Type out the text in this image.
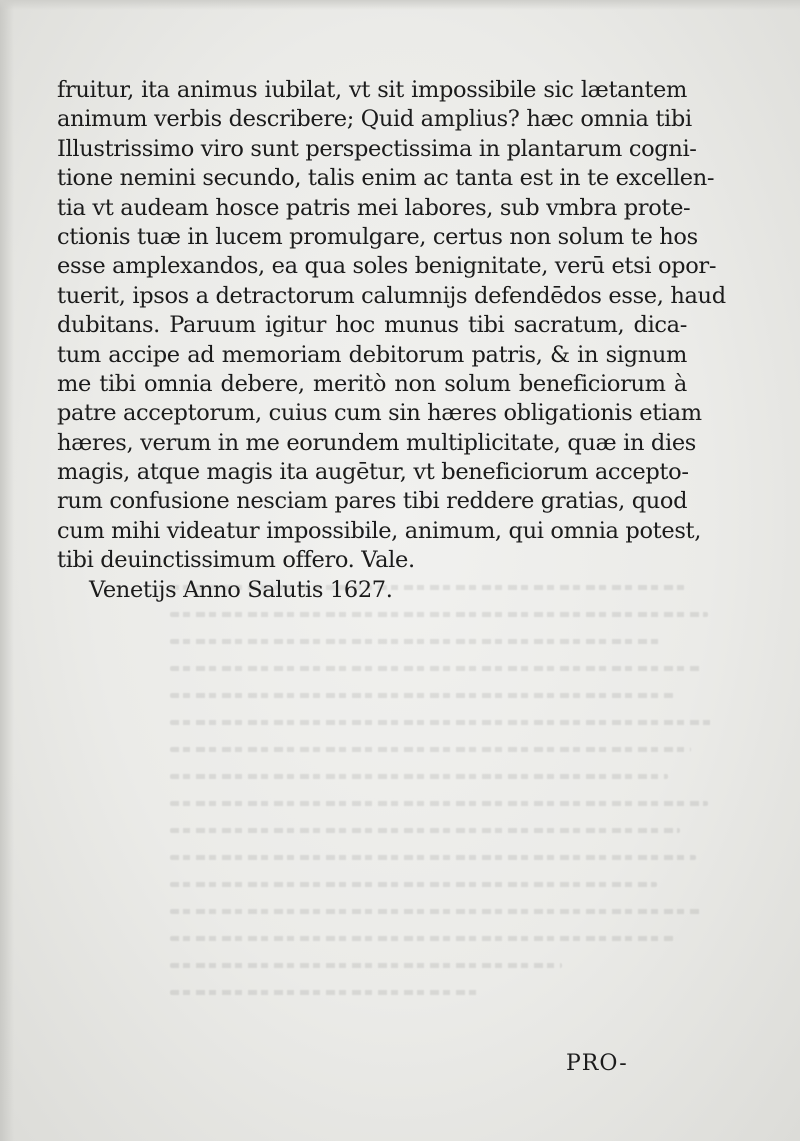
fruitur, ita animus iubilat, vt sit impossibile sic lætantem
animum verbis describere; Quid amplius? hæc omnia tibi
Illustrissimo viro sunt perspectissima in plantarum cogni-
tione nemini secundo, talis enim ac tanta est in te excellen-
tia vt audeam hosce patris mei labores, sub vmbra prote-
ctionis tuæ in lucem promulgare, certus non solum te hos
esse amplexandos, ea qua soles benignitate, verū etsi opor-
tuerit, ipsos a detractorum calumnijs defendēdos esse, haud
dubitans. Paruum igitur hoc munus tibi sacratum, dica-
tum accipe ad memoriam debitorum patris, & in signum
me tibi omnia debere, meritò non solum beneficiorum à
patre acceptorum, cuius cum sin hæres obligationis etiam
hæres, verum in me eorundem multiplicitate, quæ in dies
magis, atque magis ita augētur, vt beneficiorum accepto-
rum confusione nesciam pares tibi reddere gratias, quod
cum mihi videatur impossibile, animum, qui omnia potest,
tibi deuinctissimum offero. Vale.
Venetijs Anno Salutis 1627.
PRO-
